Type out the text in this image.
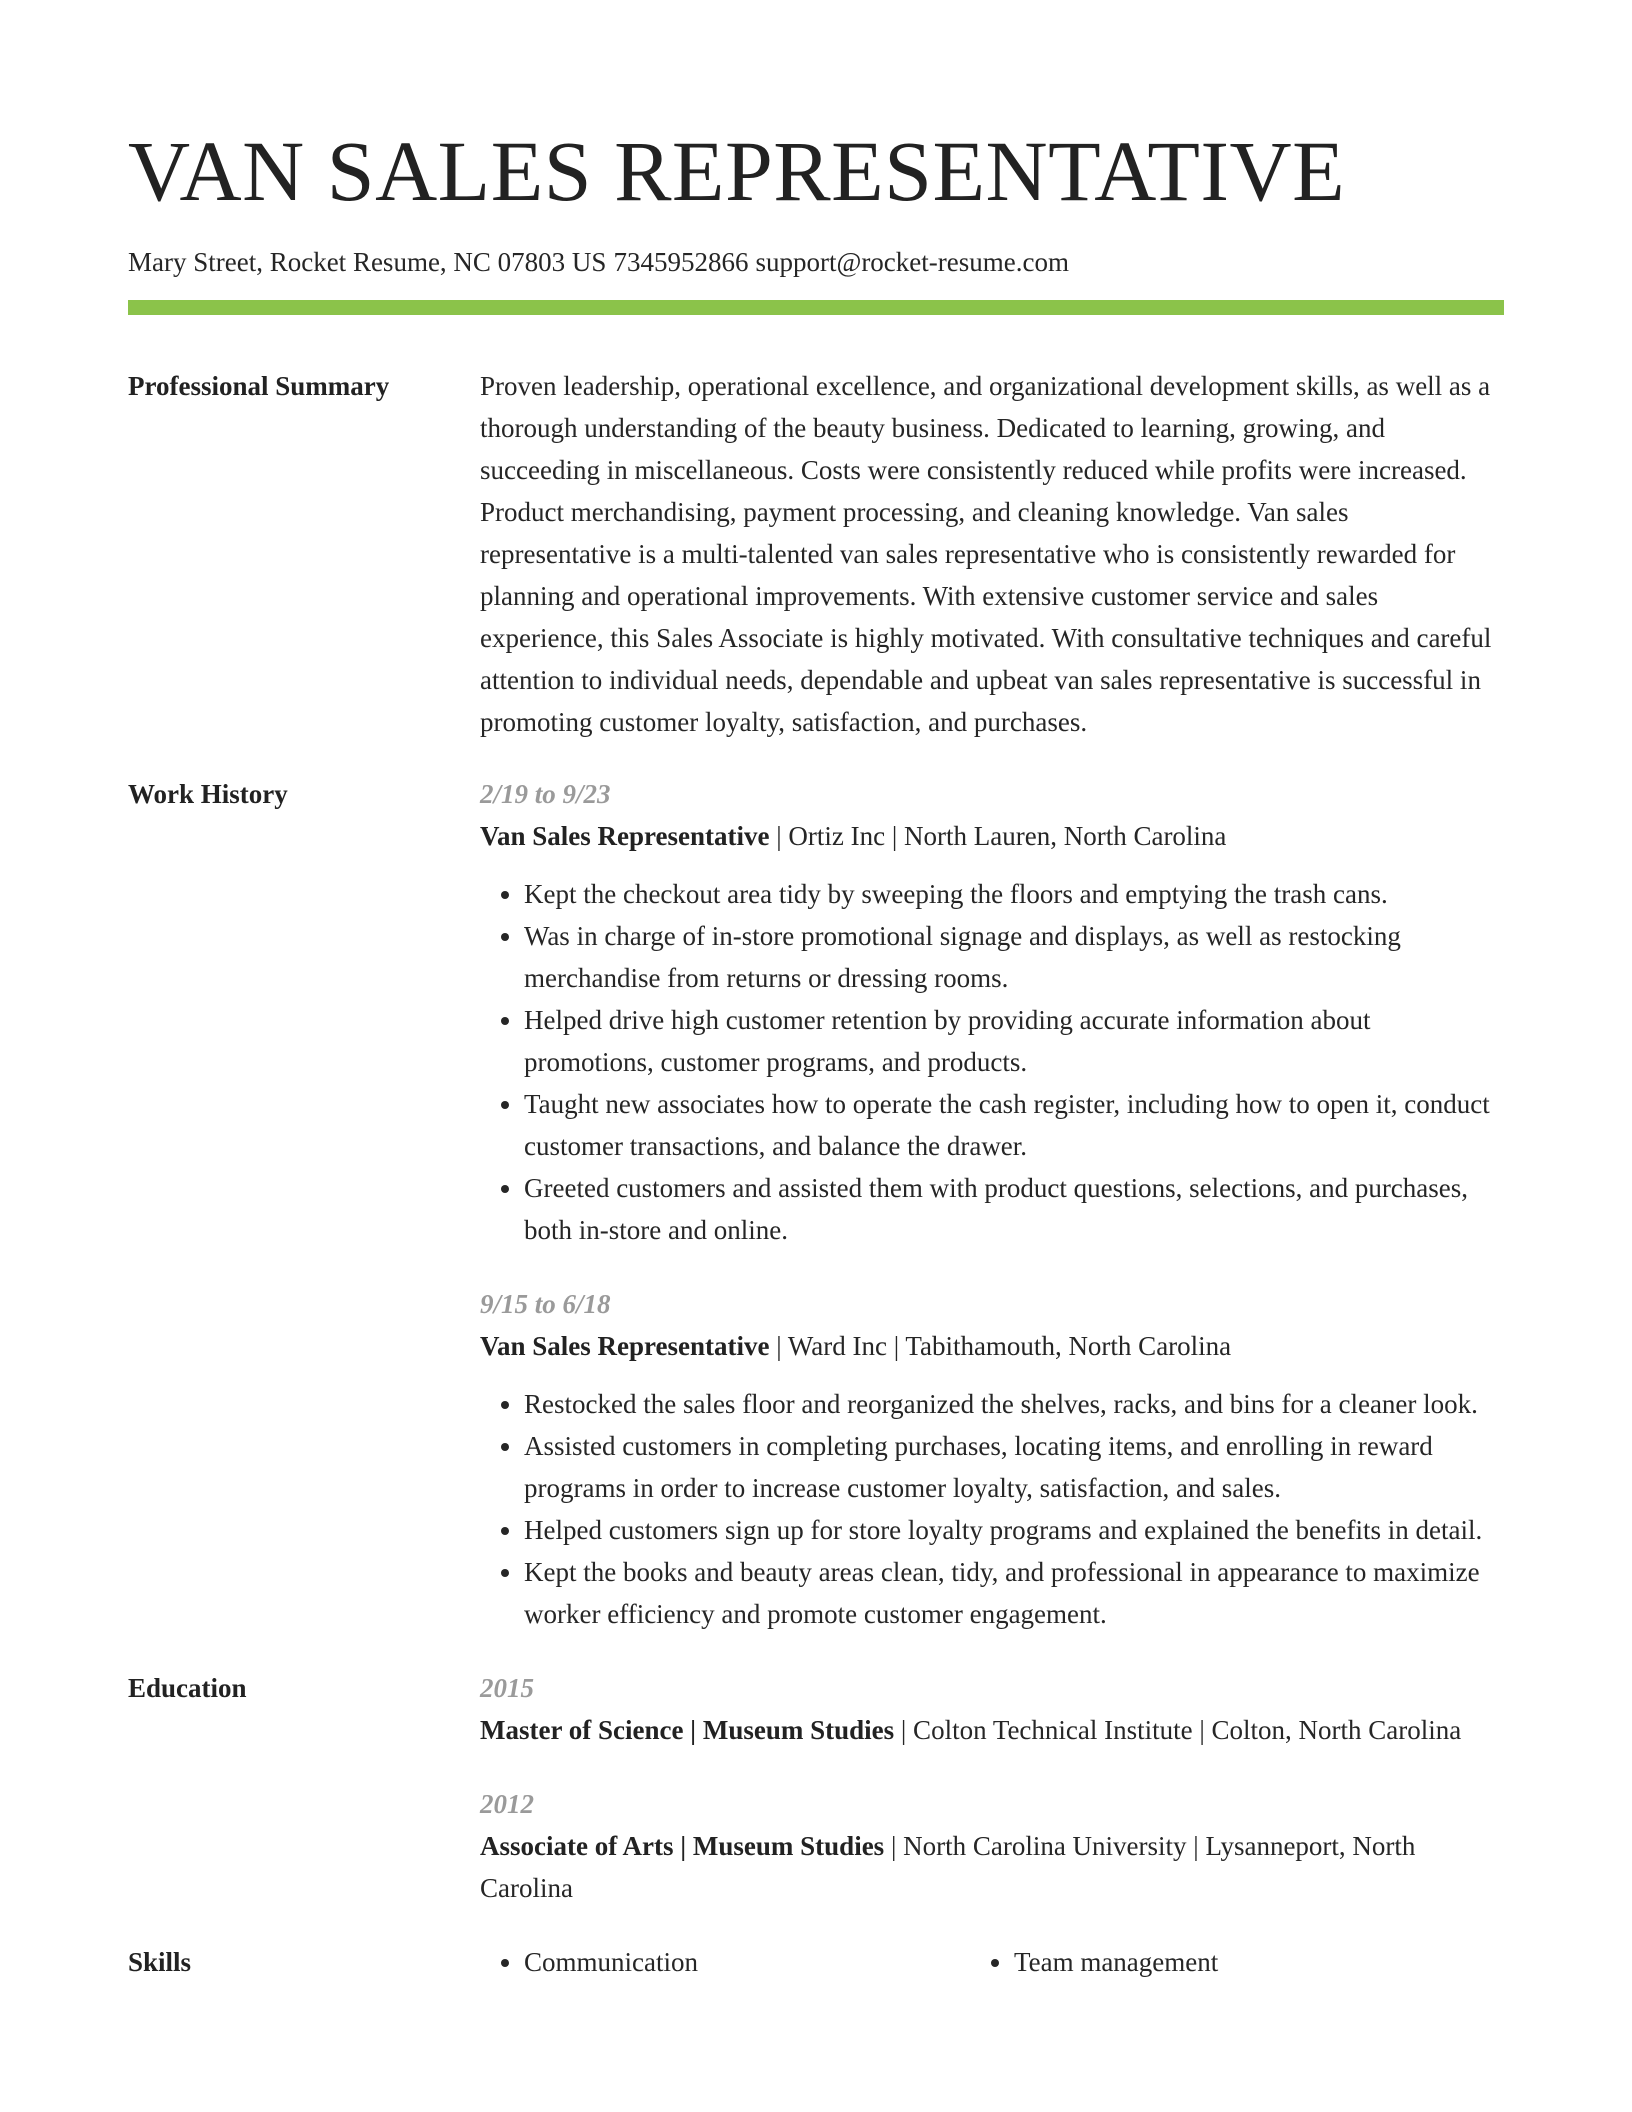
VAN SALES REPRESENTATIVE
Mary Street, Rocket Resume, NC 07803 US 7345952866 support@rocket-resume.com
Professional Summary	Proven leadership, operational excellence, and organizational development skills, as well as a thorough understanding of the beauty business. Dedicated to learning, growing, and succeeding in miscellaneous. Costs were consistently reduced while profits were increased. Product merchandising, payment processing, and cleaning knowledge. Van sales representative is a multi-talented van sales representative who is consistently rewarded for planning and operational improvements. With extensive customer service and sales experience, this Sales Associate is highly motivated. With consultative techniques and careful attention to individual needs, dependable and upbeat van sales representative is successful in promoting customer loyalty, satisfaction, and purchases.

Work History	2/19 to 9/23

Van Sales Representative | Ortiz Inc | North Lauren, North Carolina

• Kept the checkout area tidy by sweeping the floors and emptying the trash cans.
• Was in charge of in-store promotional signage and displays, as well as restocking merchandise from returns or dressing rooms.
• Helped drive high customer retention by providing accurate information about promotions, customer programs, and products.
• Taught new associates how to operate the cash register, including how to open it, conduct customer transactions, and balance the drawer.
• Greeted customers and assisted them with product questions, selections, and purchases, both in-store and online.
9/15 to 6/18

Van Sales Representative | Ward Inc | Tabithamouth, North Carolina

• Restocked the sales floor and reorganized the shelves, racks, and bins for a cleaner look.
• Assisted customers in completing purchases, locating items, and enrolling in reward programs in order to increase customer loyalty, satisfaction, and sales.
• Helped customers sign up for store loyalty programs and explained the benefits in detail.
• Kept the books and beauty areas clean, tidy, and professional in appearance to maximize worker efficiency and promote customer engagement.
Education	2015

Master of Science | Museum Studies | Colton Technical Institute | Colton, North Carolina

2012

Associate of Arts | Museum Studies | North Carolina University | Lysanneport, North Carolina

Skills	• Communication	• Team management
